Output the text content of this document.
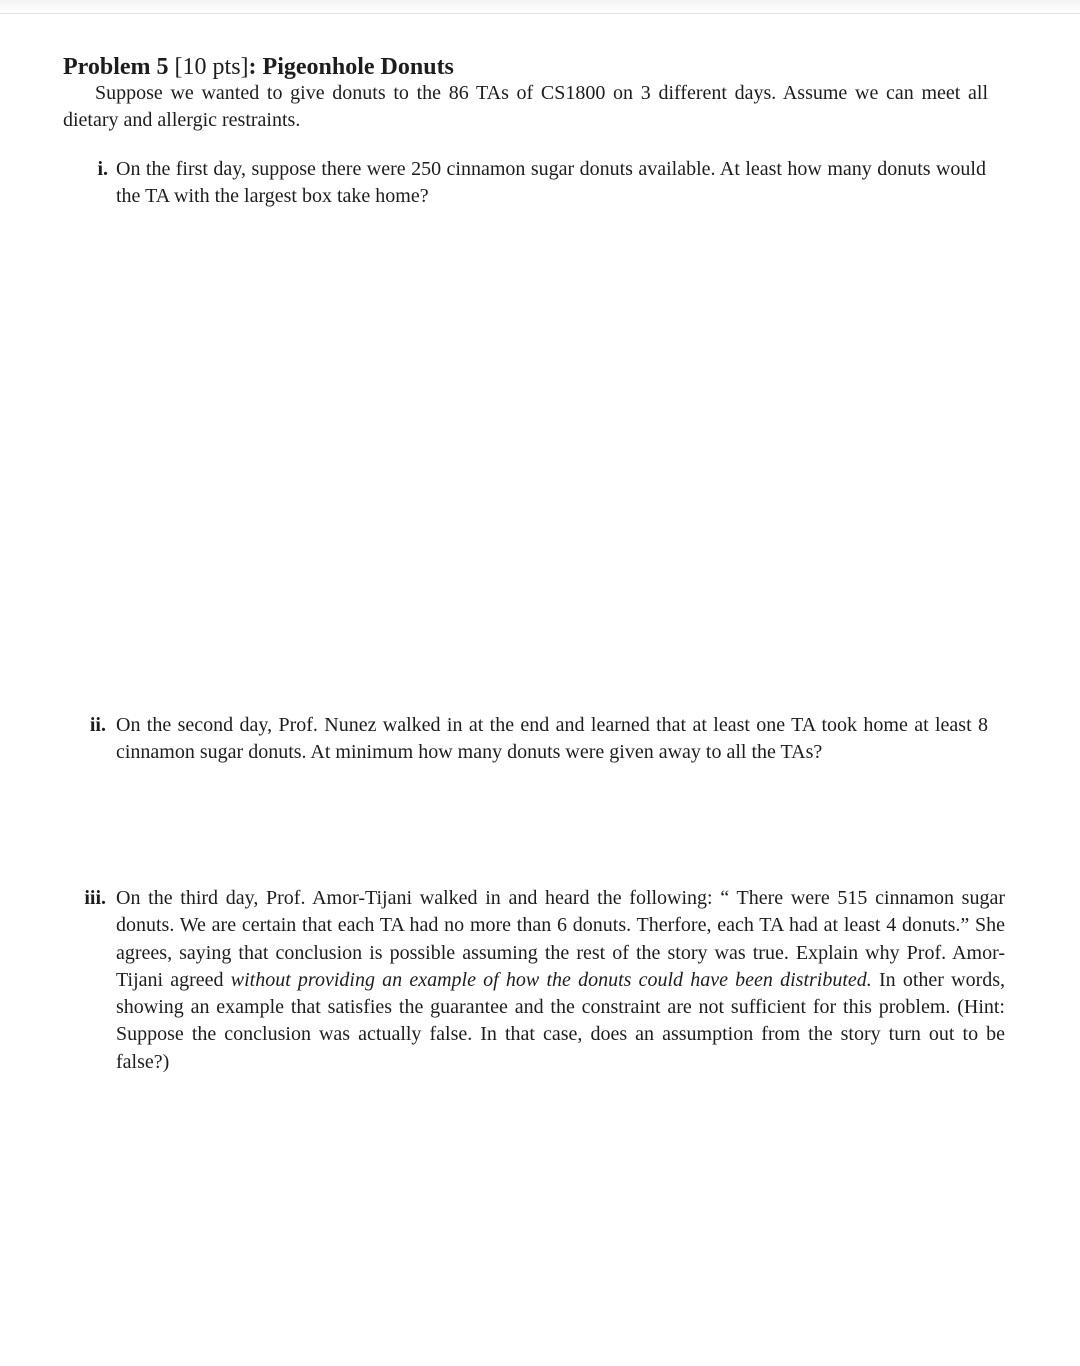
Problem 5 [10 pts]: Pigeonhole Donuts
Suppose we wanted to give donuts to the 86 TAs of CS1800 on 3 different days. Assume we can meet all dietary and allergic restraints.
i. On the first day, suppose there were 250 cinnamon sugar donuts available. At least how many donuts would the TA with the largest box take home?
ii. On the second day, Prof. Nunez walked in at the end and learned that at least one TA took home at least 8 cinnamon sugar donuts. At minimum how many donuts were given away to all the TAs?
iii. On the third day, Prof. Amor-Tijani walked in and heard the following: “ There were 515 cinnamon sugar donuts. We are certain that each TA had no more than 6 donuts. Therfore, each TA had at least 4 donuts.” She agrees, saying that conclusion is possible assuming the rest of the story was true. Explain why Prof. Amor-Tijani agreed without providing an example of how the donuts could have been distributed. In other words, showing an example that satisfies the guarantee and the constraint are not sufficient for this problem. (Hint: Suppose the conclusion was actually false. In that case, does an assumption from the story turn out to be false?)
